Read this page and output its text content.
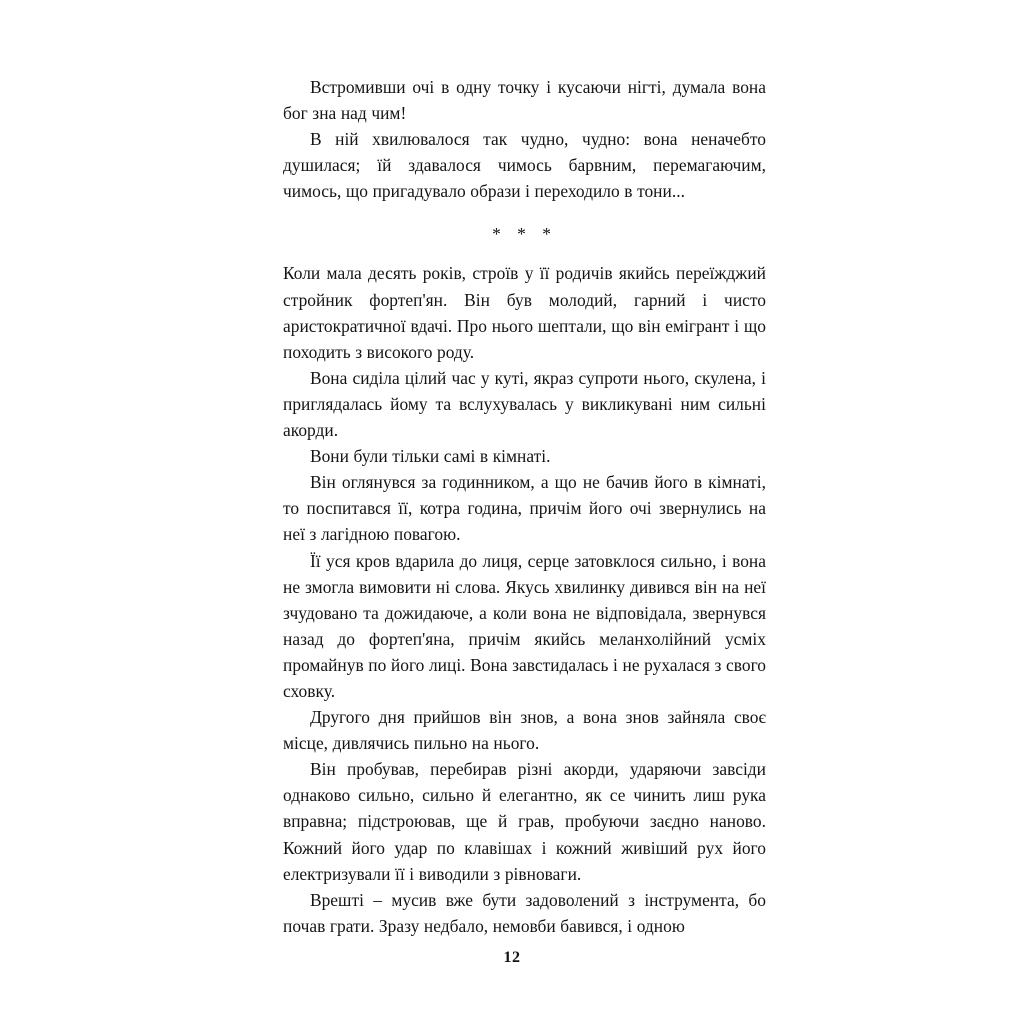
Встромивши очі в одну точку і кусаючи нігті, думала вона бог зна над чим!

В ній хвилювалося так чудно, чудно: вона неначебто душилася; їй здавалося чимось барвним, перемагаючим, чимось, що пригадувало образи і переходило в тони...

* * *

Коли мала десять років, строїв у її родичів якийсь переїжджий стройник фортеп'ян. Він був молодий, гарний і чисто аристократичної вдачі. Про нього шептали, що він емігрант і що походить з високого роду.

Вона сиділа цілий час у куті, якраз супроти нього, скулена, і приглядалась йому та вслухувалась у викликувані ним сильні акорди.

Вони були тільки самі в кімнаті.

Він оглянувся за годинником, а що не бачив його в кімнаті, то поспитався її, котра година, причім його очі звернулись на неї з лагідною повагою.

Її уся кров вдарила до лиця, серце затовклося сильно, і вона не змогла вимовити ні слова. Якусь хвилинку дивився він на неї зчудовано та дожидаюче, а коли вона не відповідала, звернувся назад до фортеп'яна, причім якийсь меланхолійний усміх промайнув по його лиці. Вона завстидалась і не рухалася з свого сховку.

Другого дня прийшов він знов, а вона знов зайняла своє місце, дивлячись пильно на нього.

Він пробував, перебирав різні акорди, ударяючи завсіди однаково сильно, сильно й елегантно, як се чинить лиш рука вправна; підстроював, ще й грав, пробуючи заєдно наново. Кожний його удар по клавішах і кожний живіший рух його електризували її і виводили з рівноваги.

Врешті – мусив вже бути задоволений з інструмента, бо почав грати. Зразу недбало, немовби бавився, і одною

12
